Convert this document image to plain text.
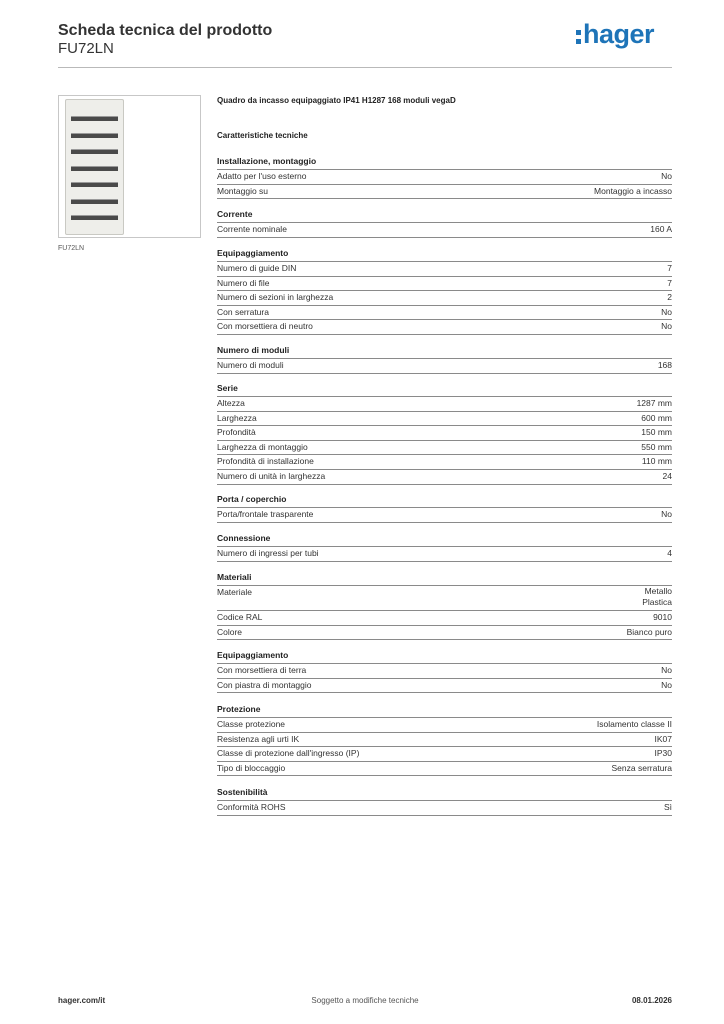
Scheda tecnica del prodotto
FU72LN	hager
FU72LN
Quadro da incasso equipaggiato IP41 H1287 168 moduli vegaD
Caratteristiche tecniche
Installazione, montaggio
Adatto per l'uso esterno	No
Montaggio su	Montaggio a incasso
Corrente
Corrente nominale	160 A
Equipaggiamento
Numero di guide DIN	7
Numero di file	7
Numero di sezioni in larghezza	2
Con serratura	No
Con morsettiera di neutro	No
Numero di moduli
Numero di moduli	168
Serie
Altezza	1287 mm
Larghezza	600 mm
Profondità	150 mm
Larghezza di montaggio	550 mm
Profondità di installazione	110 mm
Numero di unità in larghezza	24
Porta / coperchio
Porta/frontale trasparente	No
Connessione
Numero di ingressi per tubi	4
Materiali
Materiale	Metallo
Plastica
Codice RAL	9010
Colore	Bianco puro
Equipaggiamento
Con morsettiera di terra	No
Con piastra di montaggio	No
Protezione
Classe protezione	Isolamento classe II
Resistenza agli urti IK	IK07
Classe di protezione dall'ingresso (IP)	IP30
Tipo di bloccaggio	Senza serratura
Sostenibilità
Conformità ROHS	Sì
Soggetto a modifiche tecniche
hager.com/it	08.01.2026
